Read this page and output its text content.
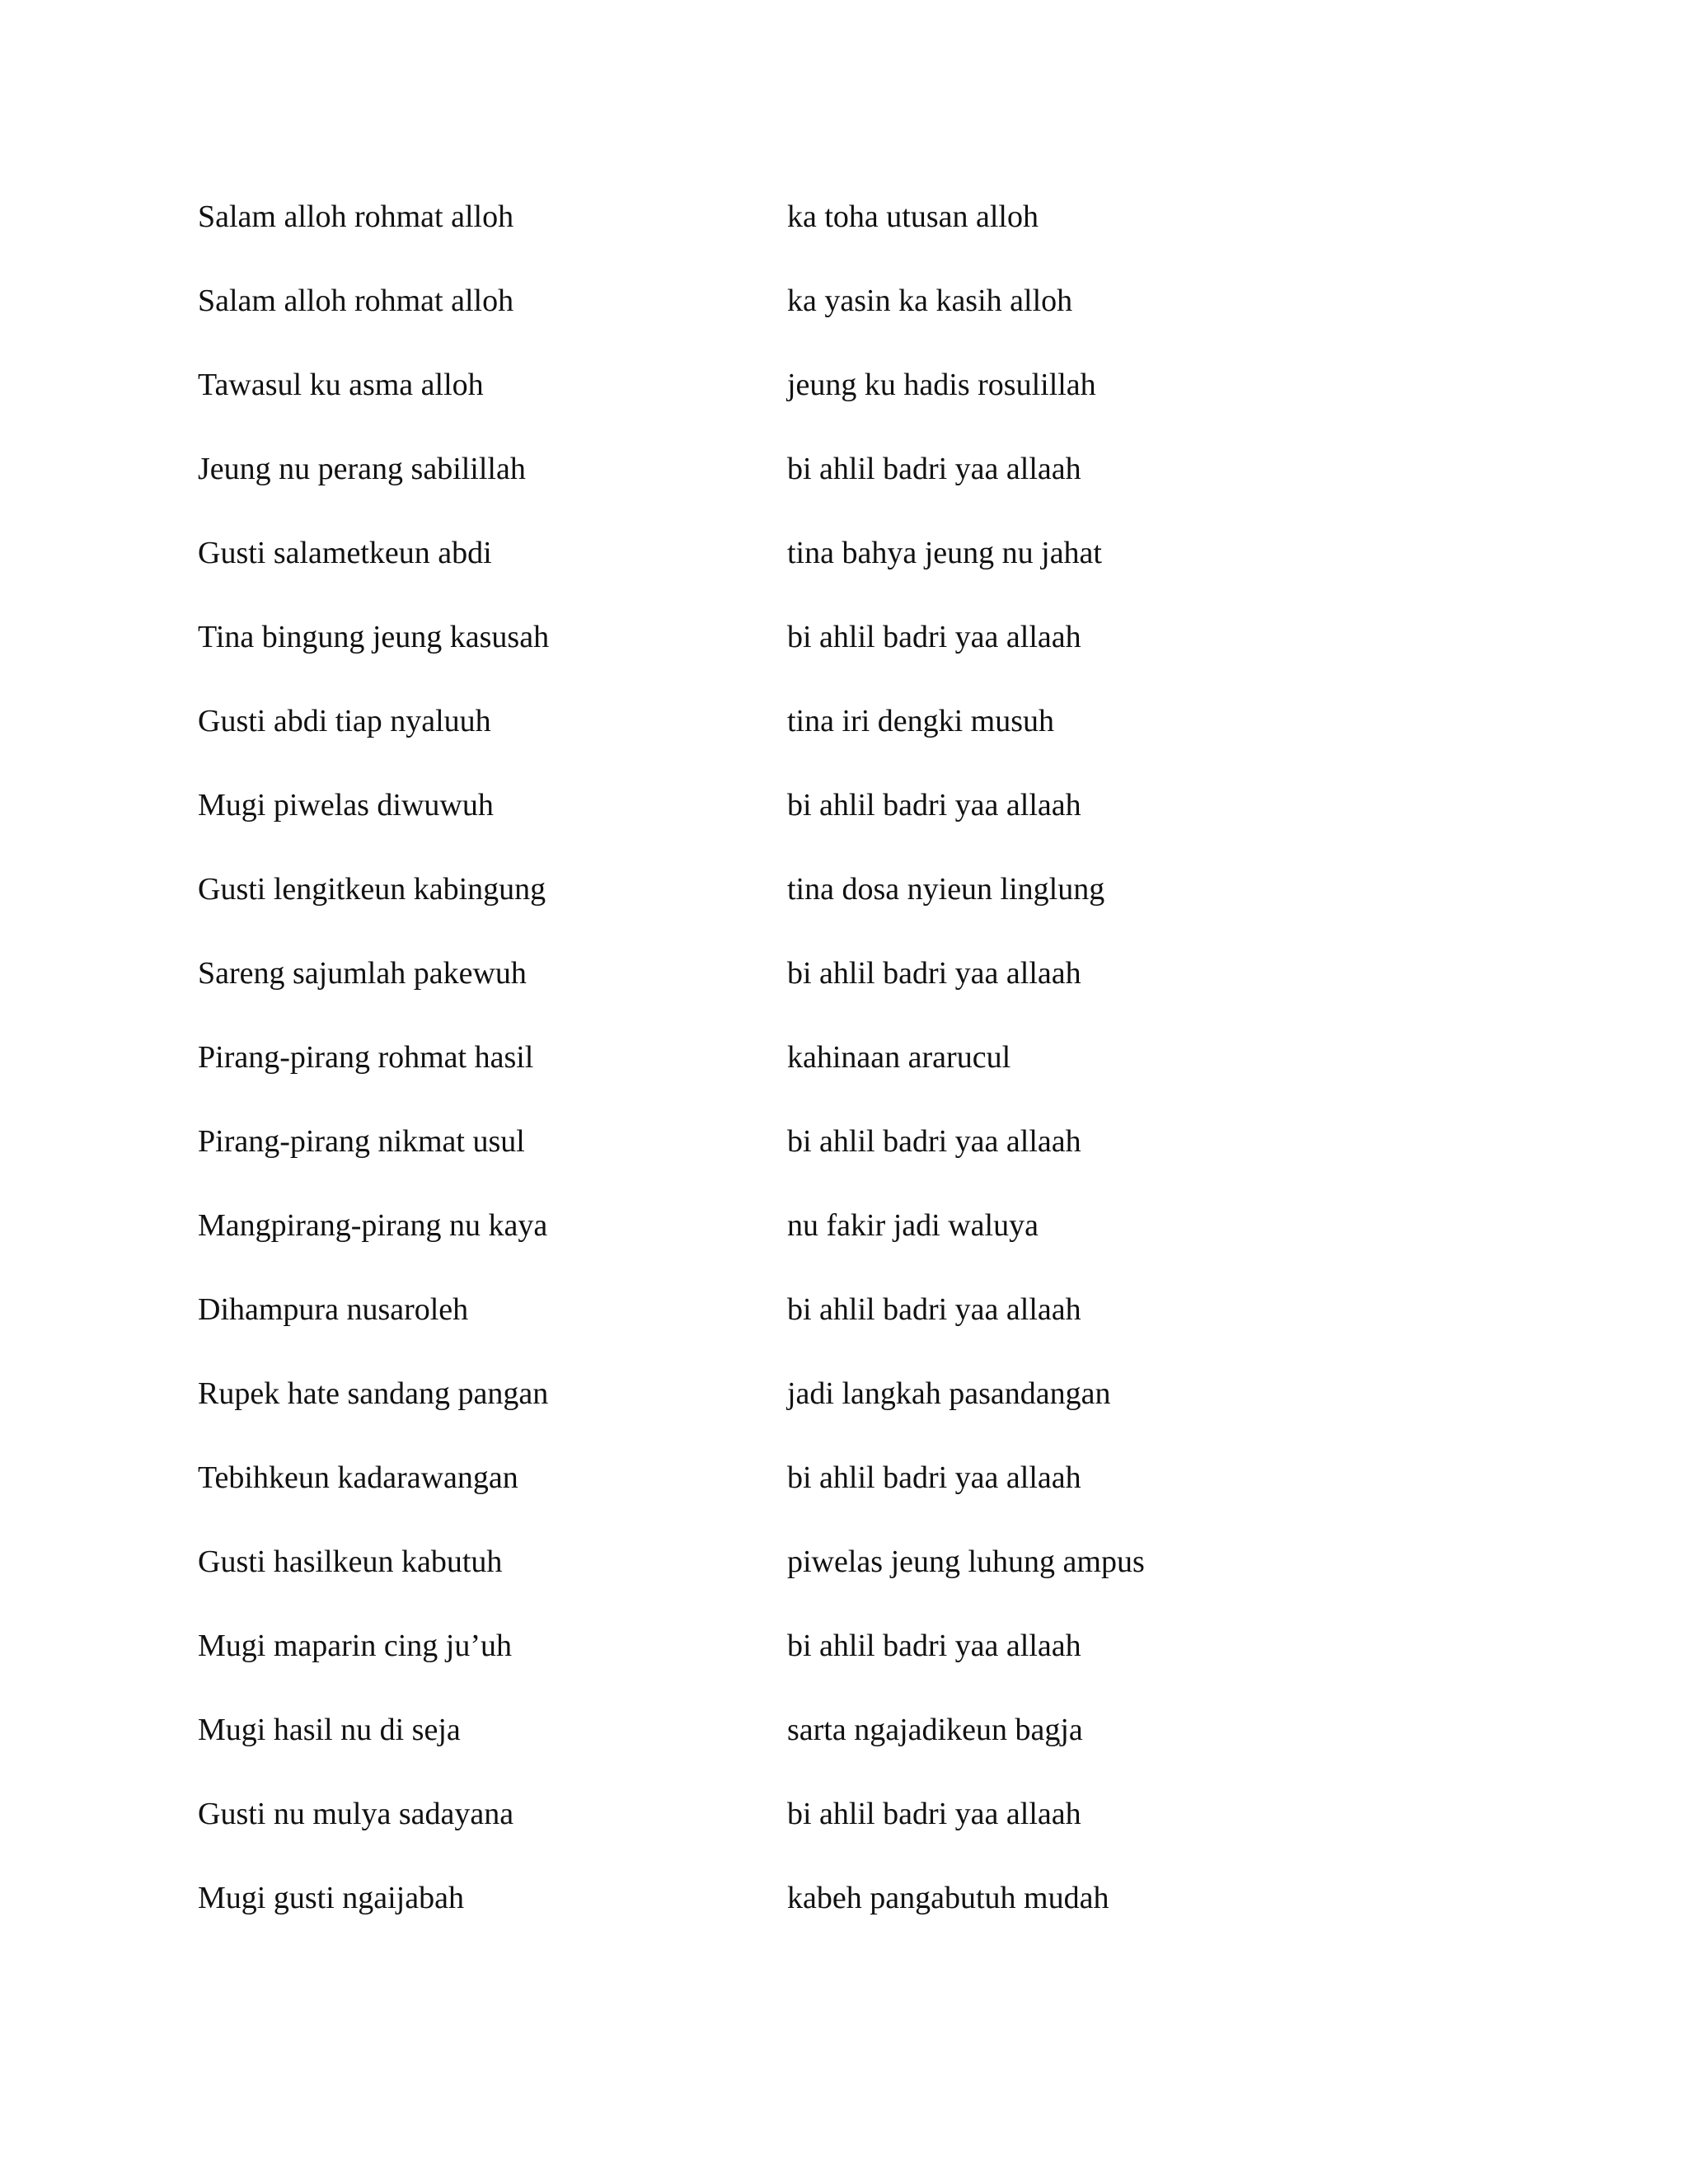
Salam alloh rohmat alloh	ka toha utusan alloh
Salam alloh rohmat alloh	ka yasin ka kasih alloh
Tawasul ku asma alloh	jeung ku hadis rosulillah
Jeung nu perang sabilillah	bi ahlil badri yaa allaah
Gusti salametkeun abdi	tina bahya jeung nu jahat
Tina bingung jeung kasusah	bi ahlil badri yaa allaah
Gusti abdi tiap nyaluuh	tina iri dengki musuh
Mugi piwelas diwuwuh	bi ahlil badri yaa allaah
Gusti lengitkeun kabingung	tina dosa nyieun linglung
Sareng sajumlah pakewuh	bi ahlil badri yaa allaah
Pirang-pirang rohmat hasil	kahinaan ararucul
Pirang-pirang nikmat usul	bi ahlil badri yaa allaah
Mangpirang-pirang nu kaya	nu fakir jadi waluya
Dihampura nusaroleh	bi ahlil badri yaa allaah
Rupek hate sandang pangan	jadi langkah pasandangan
Tebihkeun kadarawangan	bi ahlil badri yaa allaah
Gusti hasilkeun kabutuh	piwelas jeung luhung ampus
Mugi maparin cing ju’uh	bi ahlil badri yaa allaah
Mugi hasil nu di seja	sarta ngajadikeun bagja
Gusti nu mulya sadayana	bi ahlil badri yaa allaah
Mugi gusti ngaijabah	kabeh pangabutuh mudah
